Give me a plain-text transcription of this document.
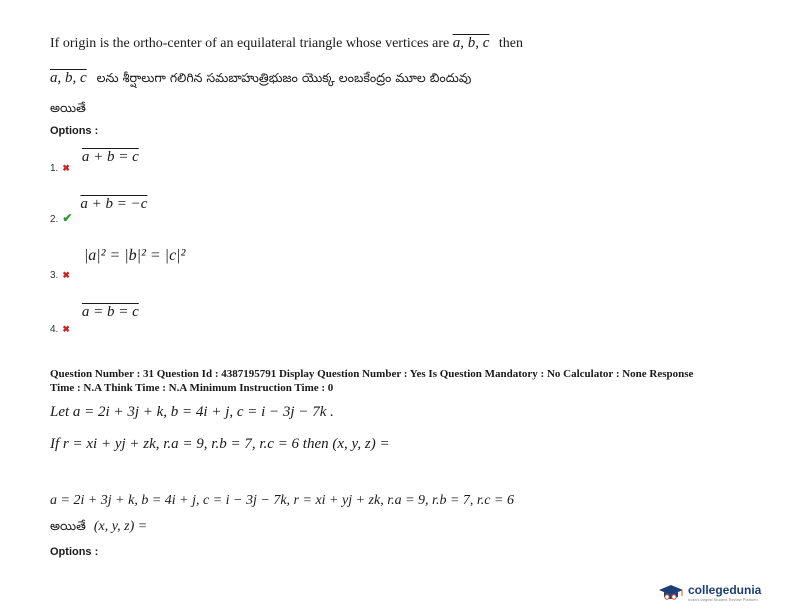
If origin is the ortho-center of an equilateral triangle whose vertices are a, b, c then
a, b, c లను శీర్షాలుగా గలిగిన సమబాహుత్రిభుజం యొక్క లంబకేంద్రం మూల బిందువు
అయితే
Options :
$_{1.}$ $_✖$ a + b = c
$_{2.}$ $_✔$ a + b = −c
$_{3.}$ $_✖$ |a|² = |b|² = |c|²
$_{4.}$ $_✖$ a = b = c
Question Number : 31 Question Id : 4387195791 Display Question Number : Yes Is Question Mandatory : No Calculator : None Response
Time : N.A Think Time : N.A Minimum Instruction Time : 0
Let a = 2i + 3j + k, b = 4i + j, c = i − 3j − 7k .
If r = xi + yj + zk, r.a = 9, r.b = 7, r.c = 6 then (x, y, z) =
a = 2i + 3j + k, b = 4i + j, c = i − 3j − 7k, r = xi + yj + zk, r.a = 9, r.b = 7, r.c = 6
అయితే (x, y, z) =
Options :
collegedunia
India's largest Student Review Platform
